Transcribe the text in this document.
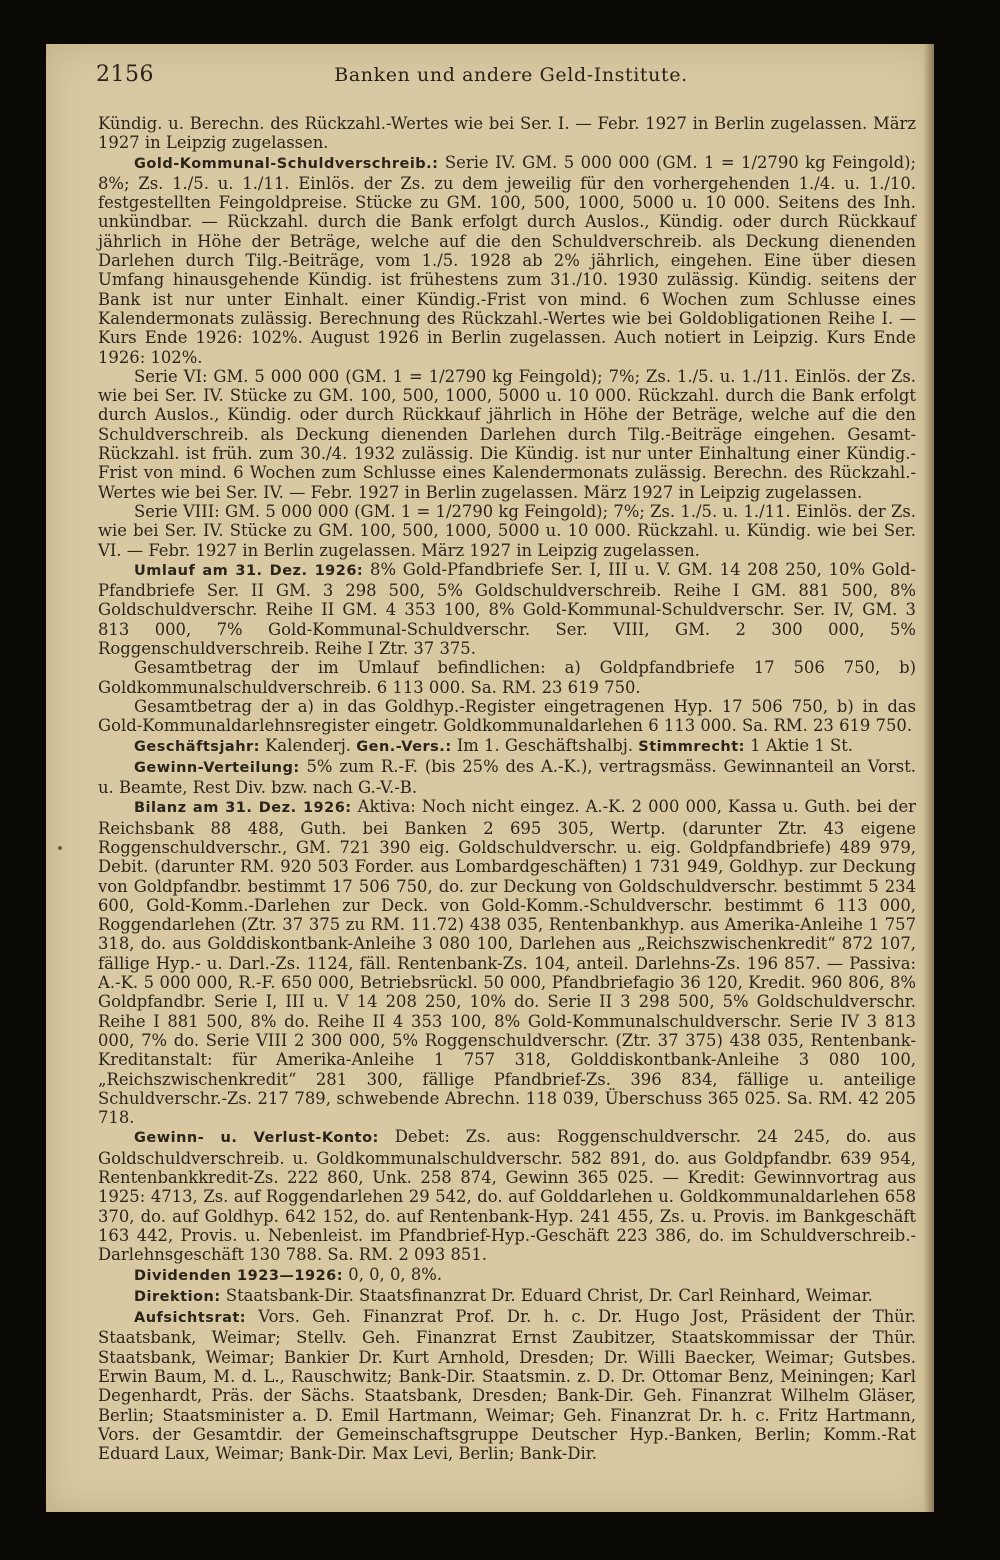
2156	Banken und andere Geld-Institute.

Kündig. u. Berechn. des Rückzahl.-Wertes wie bei Ser. I. — Febr. 1927 in Berlin zugelassen. März 1927 in Leipzig zugelassen.

Gold-Kommunal-Schuldverschreib.: Serie IV. GM. 5 000 000 (GM. 1 = 1/2790 kg Feingold); 8%; Zs. 1./5. u. 1./11. Einlös. der Zs. zu dem jeweilig für den vorhergehenden 1./4. u. 1./10. festgestellten Feingoldpreise. Stücke zu GM. 100, 500, 1000, 5000 u. 10 000. Seitens des Inh. unkündbar. — Rückzahl. durch die Bank erfolgt durch Auslos., Kündig. oder durch Rückkauf jährlich in Höhe der Beträge, welche auf die den Schuldverschreib. als Deckung dienenden Darlehen durch Tilg.-Beiträge, vom 1./5. 1928 ab 2% jährlich, eingehen. Eine über diesen Umfang hinausgehende Kündig. ist frühestens zum 31./10. 1930 zulässig. Kündig. seitens der Bank ist nur unter Einhalt. einer Kündig.-Frist von mind. 6 Wochen zum Schlusse eines Kalendermonats zulässig. Berechnung des Rückzahl.-Wertes wie bei Goldobligationen Reihe I. — Kurs Ende 1926: 102%. August 1926 in Berlin zugelassen. Auch notiert in Leipzig. Kurs Ende 1926: 102%.

Serie VI: GM. 5 000 000 (GM. 1 = 1/2790 kg Feingold); 7%; Zs. 1./5. u. 1./11. Einlös. der Zs. wie bei Ser. IV. Stücke zu GM. 100, 500, 1000, 5000 u. 10 000. Rückzahl. durch die Bank erfolgt durch Auslos., Kündig. oder durch Rückkauf jährlich in Höhe der Beträge, welche auf die den Schuldverschreib. als Deckung dienenden Darlehen durch Tilg.-Beiträge eingehen. Gesamt-Rückzahl. ist früh. zum 30./4. 1932 zulässig. Die Kündig. ist nur unter Einhaltung einer Kündig.-Frist von mind. 6 Wochen zum Schlusse eines Kalendermonats zulässig. Berechn. des Rückzahl.-Wertes wie bei Ser. IV. — Febr. 1927 in Berlin zugelassen. März 1927 in Leipzig zugelassen.

Serie VIII: GM. 5 000 000 (GM. 1 = 1/2790 kg Feingold); 7%; Zs. 1./5. u. 1./11. Einlös. der Zs. wie bei Ser. IV. Stücke zu GM. 100, 500, 1000, 5000 u. 10 000. Rückzahl. u. Kündig. wie bei Ser. VI. — Febr. 1927 in Berlin zugelassen. März 1927 in Leipzig zugelassen.

Umlauf am 31. Dez. 1926: 8% Gold-Pfandbriefe Ser. I, III u. V. GM. 14 208 250, 10% Gold-Pfandbriefe Ser. II GM. 3 298 500, 5% Goldschuldverschreib. Reihe I GM. 881 500, 8% Goldschuldverschr. Reihe II GM. 4 353 100, 8% Gold-Kommunal-Schuldverschr. Ser. IV, GM. 3 813 000, 7% Gold-Kommunal-Schuldverschr. Ser. VIII, GM. 2 300 000, 5% Roggenschuldverschreib. Reihe I Ztr. 37 375.

Gesamtbetrag der im Umlauf befindlichen: a) Goldpfandbriefe 17 506 750, b) Goldkommunalschuldverschreib. 6 113 000. Sa. RM. 23 619 750.

Gesamtbetrag der a) in das Goldhyp.-Register eingetragenen Hyp. 17 506 750, b) in das Gold-Kommunaldarlehnsregister eingetr. Goldkommunaldarlehen 6 113 000. Sa. RM. 23 619 750.

Geschäftsjahr: Kalenderj. Gen.-Vers.: Im 1. Geschäftshalbj. Stimmrecht: 1 Aktie 1 St.

Gewinn-Verteilung: 5% zum R.-F. (bis 25% des A.-K.), vertragsmäss. Gewinnanteil an Vorst. u. Beamte, Rest Div. bzw. nach G.-V.-B.

Bilanz am 31. Dez. 1926: Aktiva: Noch nicht eingez. A.-K. 2 000 000, Kassa u. Guth. bei der Reichsbank 88 488, Guth. bei Banken 2 695 305, Wertp. (darunter Ztr. 43 eigene Roggenschuldverschr., GM. 721 390 eig. Goldschuldverschr. u. eig. Goldpfandbriefe) 489 979, Debit. (darunter RM. 920 503 Forder. aus Lombardgeschäften) 1 731 949, Goldhyp. zur Deckung von Goldpfandbr. bestimmt 17 506 750, do. zur Deckung von Goldschuldverschr. bestimmt 5 234 600, Gold-Komm.-Darlehen zur Deck. von Gold-Komm.-Schuldverschr. bestimmt 6 113 000, Roggendarlehen (Ztr. 37 375 zu RM. 11.72) 438 035, Rentenbankhyp. aus Amerika-Anleihe 1 757 318, do. aus Golddiskontbank-Anleihe 3 080 100, Darlehen aus „Reichszwischenkredit“ 872 107, fällige Hyp.- u. Darl.-Zs. 1124, fäll. Rentenbank-Zs. 104, anteil. Darlehns-Zs. 196 857. — Passiva: A.-K. 5 000 000, R.-F. 650 000, Betriebsrückl. 50 000, Pfandbriefagio 36 120, Kredit. 960 806, 8% Goldpfandbr. Serie I, III u. V 14 208 250, 10% do. Serie II 3 298 500, 5% Goldschuldverschr. Reihe I 881 500, 8% do. Reihe II 4 353 100, 8% Gold-Kommunalschuldverschr. Serie IV 3 813 000, 7% do. Serie VIII 2 300 000, 5% Roggenschuldverschr. (Ztr. 37 375) 438 035, Rentenbank-Kreditanstalt: für Amerika-Anleihe 1 757 318, Golddiskontbank-Anleihe 3 080 100, „Reichszwischenkredit“ 281 300, fällige Pfandbrief-Zs. 396 834, fällige u. anteilige Schuldverschr.-Zs. 217 789, schwebende Abrechn. 118 039, Überschuss 365 025. Sa. RM. 42 205 718.

Gewinn- u. Verlust-Konto: Debet: Zs. aus: Roggenschuldverschr. 24 245, do. aus Goldschuldverschreib. u. Goldkommunalschuldverschr. 582 891, do. aus Goldpfandbr. 639 954, Rentenbankkredit-Zs. 222 860, Unk. 258 874, Gewinn 365 025. — Kredit: Gewinnvortrag aus 1925: 4713, Zs. auf Roggendarlehen 29 542, do. auf Golddarlehen u. Goldkommunaldarlehen 658 370, do. auf Goldhyp. 642 152, do. auf Rentenbank-Hyp. 241 455, Zs. u. Provis. im Bankgeschäft 163 442, Provis. u. Nebenleist. im Pfandbrief-Hyp.-Geschäft 223 386, do. im Schuldverschreib.-Darlehnsgeschäft 130 788. Sa. RM. 2 093 851.

Dividenden 1923—1926: 0, 0, 0, 8%.

Direktion: Staatsbank-Dir. Staatsfinanzrat Dr. Eduard Christ, Dr. Carl Reinhard, Weimar.

Aufsichtsrat: Vors. Geh. Finanzrat Prof. Dr. h. c. Dr. Hugo Jost, Präsident der Thür. Staatsbank, Weimar; Stellv. Geh. Finanzrat Ernst Zaubitzer, Staatskommissar der Thür. Staatsbank, Weimar; Bankier Dr. Kurt Arnhold, Dresden; Dr. Willi Baecker, Weimar; Gutsbes. Erwin Baum, M. d. L., Rauschwitz; Bank-Dir. Staatsmin. z. D. Dr. Ottomar Benz, Meiningen; Karl Degenhardt, Präs. der Sächs. Staatsbank, Dresden; Bank-Dir. Geh. Finanzrat Wilhelm Gläser, Berlin; Staatsminister a. D. Emil Hartmann, Weimar; Geh. Finanzrat Dr. h. c. Fritz Hartmann, Vors. der Gesamtdir. der Gemeinschaftsgruppe Deutscher Hyp.-Banken, Berlin; Komm.-Rat Eduard Laux, Weimar; Bank-Dir. Max Levi, Berlin; Bank-Dir.
